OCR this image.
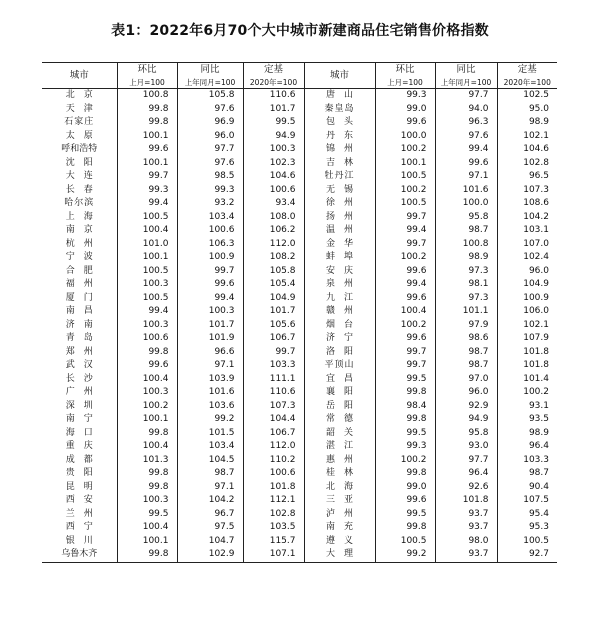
表1：2022年6月70个大中城市新建商品住宅销售价格指数
城市	环比	同比	定基	城市	环比	同比	定基
	上月=100	上年同月=100	2020年=100		上月=100	上年同月=100	2020年=100
北京	100.8	105.8	110.6	唐山	99.3	97.7	102.5
天津	99.8	97.6	101.7	秦皇岛	99.0	94.0	95.0
石家庄	99.8	96.9	99.5	包头	99.6	96.3	98.9
太原	100.1	96.0	94.9	丹东	100.0	97.6	102.1
呼和浩特	99.6	97.7	100.3	锦州	100.2	99.4	104.6
沈阳	100.1	97.6	102.3	吉林	100.1	99.6	102.8
大连	99.7	98.5	104.6	牡丹江	100.5	97.1	96.5
长春	99.3	99.3	100.6	无锡	100.2	101.6	107.3
哈尔滨	99.4	93.2	93.4	徐州	100.5	100.0	108.6
上海	100.5	103.4	108.0	扬州	99.7	95.8	104.2
南京	100.4	100.6	106.2	温州	99.4	98.7	103.1
杭州	101.0	106.3	112.0	金华	99.7	100.8	107.0
宁波	100.1	100.9	108.2	蚌埠	100.2	98.9	102.4
合肥	100.5	99.7	105.8	安庆	99.6	97.3	96.0
福州	100.3	99.6	105.4	泉州	99.4	98.1	104.9
厦门	100.5	99.4	104.9	九江	99.6	97.3	100.9
南昌	99.4	100.3	101.7	赣州	100.4	101.1	106.0
济南	100.3	101.7	105.6	烟台	100.2	97.9	102.1
青岛	100.6	101.9	106.7	济宁	99.6	98.6	107.9
郑州	99.8	96.6	99.7	洛阳	99.7	98.7	101.8
武汉	99.6	97.1	103.3	平顶山	99.7	98.7	101.8
长沙	100.4	103.9	111.1	宜昌	99.5	97.0	101.4
广州	100.3	101.6	110.6	襄阳	99.8	96.0	100.2
深圳	100.2	103.6	107.3	岳阳	98.4	92.9	93.1
南宁	100.1	99.2	104.4	常德	99.8	94.9	93.5
海口	99.8	101.5	106.7	韶关	99.5	95.8	98.9
重庆	100.4	103.4	112.0	湛江	99.3	93.0	96.4
成都	101.3	104.5	110.2	惠州	100.2	97.7	103.3
贵阳	99.8	98.7	100.6	桂林	99.8	96.4	98.7
昆明	99.8	97.1	101.8	北海	99.0	92.6	90.4
西安	100.3	104.2	112.1	三亚	99.6	101.8	107.5
兰州	99.5	96.7	102.8	泸州	99.5	93.7	95.4
西宁	100.4	97.5	103.5	南充	99.8	93.7	95.3
银川	100.1	104.7	115.7	遵义	100.5	98.0	100.5
乌鲁木齐	99.8	102.9	107.1	大理	99.2	93.7	92.7
